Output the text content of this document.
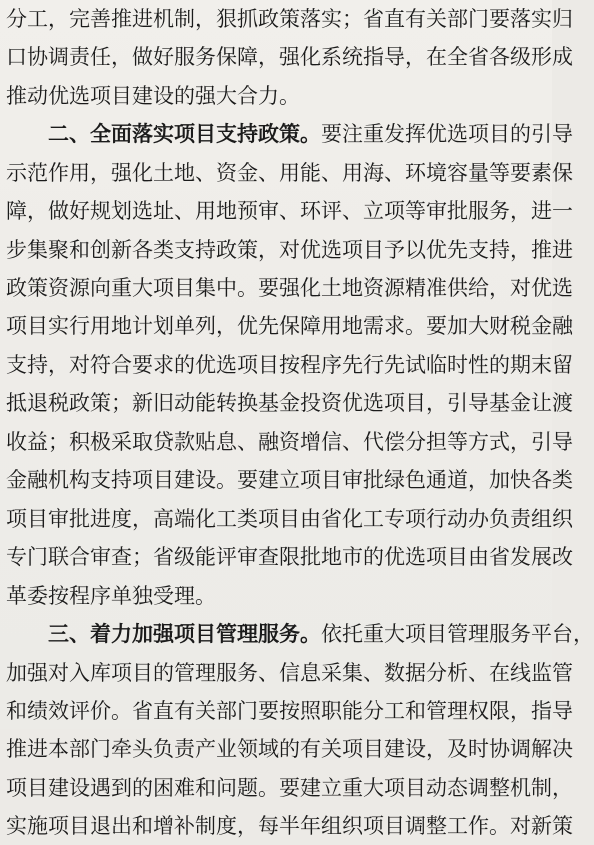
分 工 ， 完 善 推 进 机 制 ， 狠 抓 政 策 落 实 ； 省 直 有 关 部 门 要 落 实 归
口 协 调 责 任 ， 做 好 服 务 保 障 ， 强 化 系 统 指 导 ， 在 全 省 各 级 形 成
推动优选项目建设的强大合力。
二 、 全 面 落 实 项 目 支 持 政 策 。 要 注 重 发 挥 优 选 项 目 的 引 导
示 范 作 用 ， 强 化 土 地 、 资 金 、 用 能 、 用 海 、 环 境 容 量 等 要 素 保
障 ， 做 好 规 划 选 址 、 用 地 预 审 、 环 评 、 立 项 等 审 批 服 务 ， 进 一
步 集 聚 和 创 新 各 类 支 持 政 策 ， 对 优 选 项 目 予 以 优 先 支 持 ， 推 进
政 策 资 源 向 重 大 项 目 集 中 。 要 强 化 土 地 资 源 精 准 供 给 ， 对 优 选
项 目 实 行 用 地 计 划 单 列 ， 优 先 保 障 用 地 需 求 。 要 加 大 财 税 金 融
支 持 ， 对 符 合 要 求 的 优 选 项 目 按 程 序 先 行 先 试 临 时 性 的 期 末 留
抵 退 税 政 策 ； 新 旧 动 能 转 换 基 金 投 资 优 选 项 目 ， 引 导 基 金 让 渡
收 益 ； 积 极 采 取 贷 款 贴 息 、 融 资 增 信 、 代 偿 分 担 等 方 式 ， 引 导
金 融 机 构 支 持 项 目 建 设 。 要 建 立 项 目 审 批 绿 色 通 道 ， 加 快 各 类
项 目 审 批 进 度 ， 高 端 化 工 类 项 目 由 省 化 工 专 项 行 动 办 负 责 组 织
专 门 联 合 审 查 ； 省 级 能 评 审 查 限 批 地 市 的 优 选 项 目 由 省 发 展 改
革委按程序单独受理。
三 、 着 力 加 强 项 目 管 理 服 务 。 依 托 重 大 项 目 管 理 服 务 平 台 ，
加 强 对 入 库 项 目 的 管 理 服 务 、 信 息 采 集 、 数 据 分 析 、 在 线 监 管
和 绩 效 评 价 。 省 直 有 关 部 门 要 按 照 职 能 分 工 和 管 理 权 限 ， 指 导
推 进 本 部 门 牵 头 负 责 产 业 领 域 的 有 关 项 目 建 设 ， 及 时 协 调 解 决
项 目 建 设 遇 到 的 困 难 和 问 题 。 要 建 立 重 大 项 目 动 态 调 整 机 制 ，
实 施 项 目 退 出 和 增 补 制 度 ， 每 半 年 组 织 项 目 调 整 工 作 。 对 新 策
